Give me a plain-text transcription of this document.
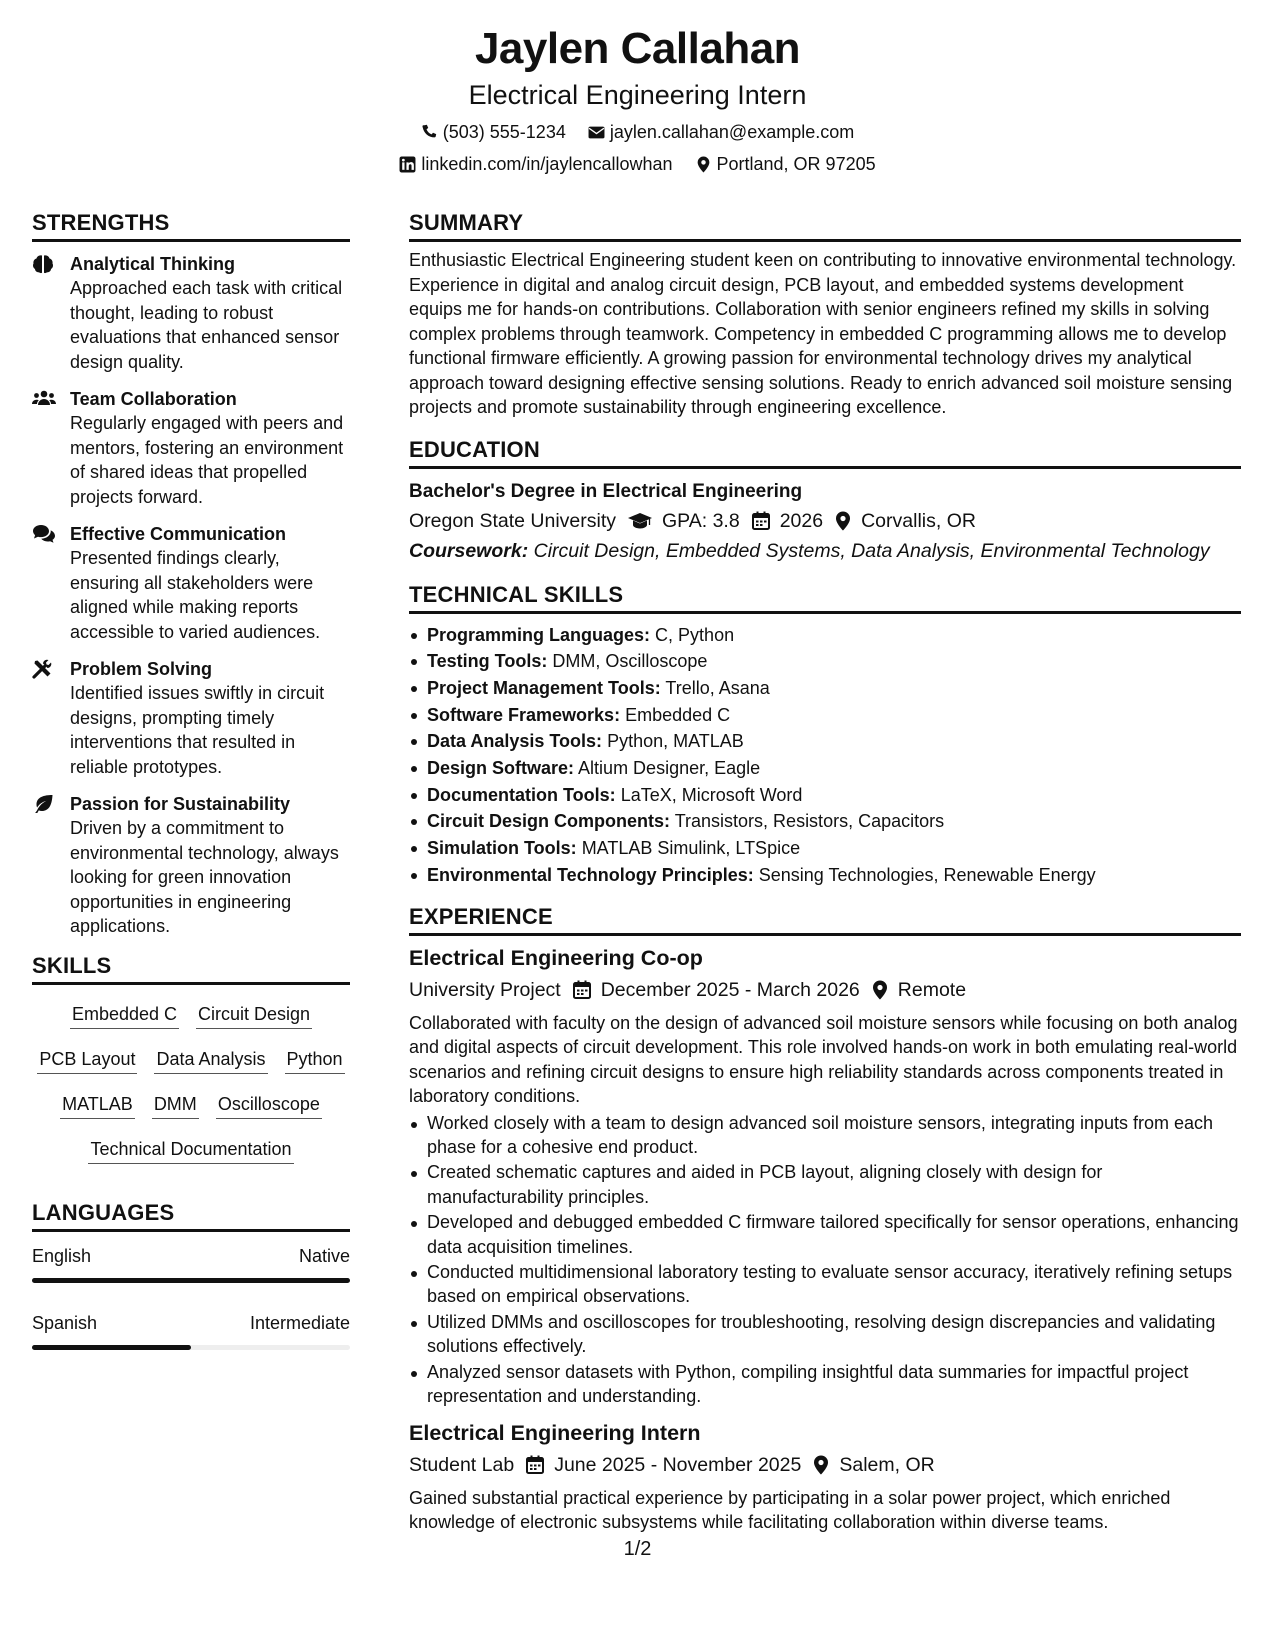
Jaylen Callahan
Electrical Engineering Intern
(503) 555-1234 jaylen.callahan@example.com
linkedin.com/in/jaylencallowhan Portland, OR 97205
STRENGTHS
Analytical Thinking
Approached each task with critical thought, leading to robust evaluations that enhanced sensor design quality.
Team Collaboration
Regularly engaged with peers and mentors, fostering an environment of shared ideas that propelled projects forward.
Effective Communication
Presented findings clearly, ensuring all stakeholders were aligned while making reports accessible to varied audiences.
Problem Solving
Identified issues swiftly in circuit designs, prompting timely interventions that resulted in reliable prototypes.
Passion for Sustainability
Driven by a commitment to environmental technology, always looking for green innovation opportunities in engineering applications.
SKILLS
Embedded C Circuit Design
PCB Layout Data Analysis Python
MATLAB DMM Oscilloscope
Technical Documentation
LANGUAGES
English	Native
Spanish	Intermediate
SUMMARY
Enthusiastic Electrical Engineering student keen on contributing to innovative environmental technology. Experience in digital and analog circuit design, PCB layout, and embedded systems development equips me for hands-on contributions. Collaboration with senior engineers refined my skills in solving complex problems through teamwork. Competency in embedded C programming allows me to develop functional firmware efficiently. A growing passion for environmental technology drives my analytical approach toward designing effective sensing solutions. Ready to enrich advanced soil moisture sensing projects and promote sustainability through engineering excellence.
EDUCATION
Bachelor's Degree in Electrical Engineering
Oregon State University GPA: 3.8 2026 Corvallis, OR
Coursework: Circuit Design, Embedded Systems, Data Analysis, Environmental Technology
TECHNICAL SKILLS
Programming Languages: C, Python
Testing Tools: DMM, Oscilloscope
Project Management Tools: Trello, Asana
Software Frameworks: Embedded C
Data Analysis Tools: Python, MATLAB
Design Software: Altium Designer, Eagle
Documentation Tools: LaTeX, Microsoft Word
Circuit Design Components: Transistors, Resistors, Capacitors
Simulation Tools: MATLAB Simulink, LTSpice
Environmental Technology Principles: Sensing Technologies, Renewable Energy
EXPERIENCE
Electrical Engineering Co-op
University Project December 2025 - March 2026 Remote
Collaborated with faculty on the design of advanced soil moisture sensors while focusing on both analog and digital aspects of circuit development. This role involved hands-on work in both emulating real-world scenarios and refining circuit designs to ensure high reliability standards across components treated in laboratory conditions.
Worked closely with a team to design advanced soil moisture sensors, integrating inputs from each phase for a cohesive end product.
Created schematic captures and aided in PCB layout, aligning closely with design for manufacturability principles.
Developed and debugged embedded C firmware tailored specifically for sensor operations, enhancing data acquisition timelines.
Conducted multidimensional laboratory testing to evaluate sensor accuracy, iteratively refining setups based on empirical observations.
Utilized DMMs and oscilloscopes for troubleshooting, resolving design discrepancies and validating solutions effectively.
Analyzed sensor datasets with Python, compiling insightful data summaries for impactful project representation and understanding.
Electrical Engineering Intern
Student Lab June 2025 - November 2025 Salem, OR
Gained substantial practical experience by participating in a solar power project, which enriched knowledge of electronic subsystems while facilitating collaboration within diverse teams.
1/2
